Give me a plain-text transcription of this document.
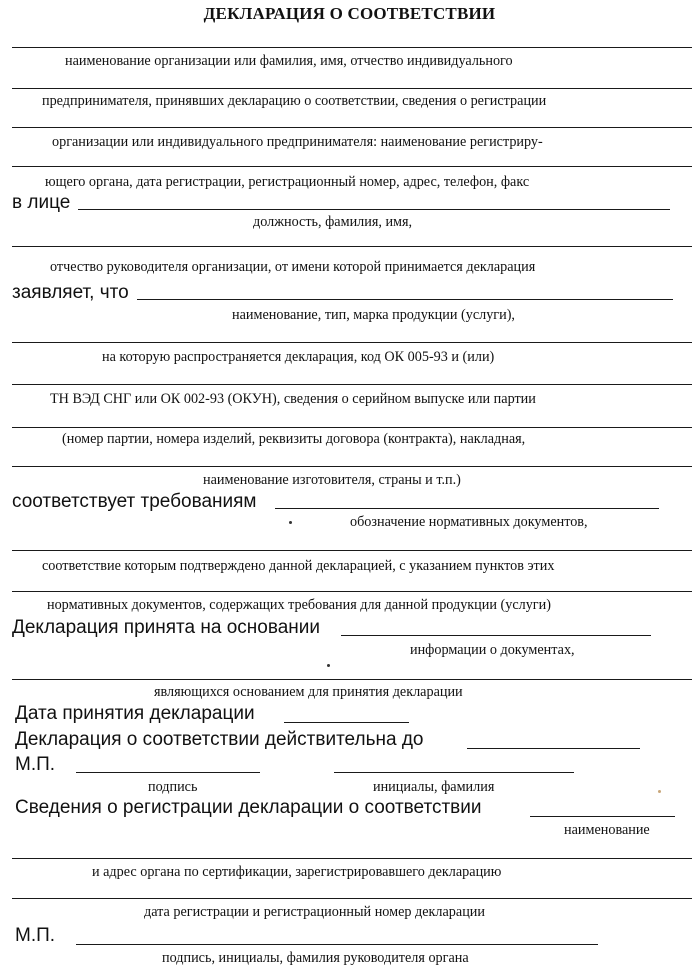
ДЕКЛАРАЦИЯ О СООТВЕТСТВИИ
наименование организации или фамилия, имя, отчество индивидуального
предпринимателя, принявших декларацию о соответствии, сведения о регистрации
организации или индивидуального предпринимателя: наименование регистриру-
ющего органа, дата регистрации, регистрационный номер, адрес, телефон, факс
в лице
должность, фамилия, имя,
отчество руководителя организации, от имени которой принимается декларация
заявляет, что
наименование, тип, марка продукции (услуги),
на которую распространяется декларация, код ОК 005-93 и (или)
ТН ВЭД СНГ или ОК 002-93 (ОКУН), сведения о серийном выпуске или партии
(номер партии, номера изделий, реквизиты договора (контракта), накладная,
наименование изготовителя, страны и т.п.)
соответствует требованиям
обозначение нормативных документов,
соответствие которым подтверждено данной декларацией, с указанием пунктов этих
нормативных документов, содержащих требования для данной продукции (услуги)
Декларация принята на основании
информации о документах,
являющихся основанием для принятия декларации
Дата принятия декларации
Декларация о соответствии действительна до
М.П.
подпись	инициалы, фамилия
Сведения о регистрации декларации о соответствии
наименование
и адрес органа по сертификации, зарегистрировавшего декларацию
дата регистрации и регистрационный номер декларации
М.П.
подпись, инициалы, фамилия руководителя органа
